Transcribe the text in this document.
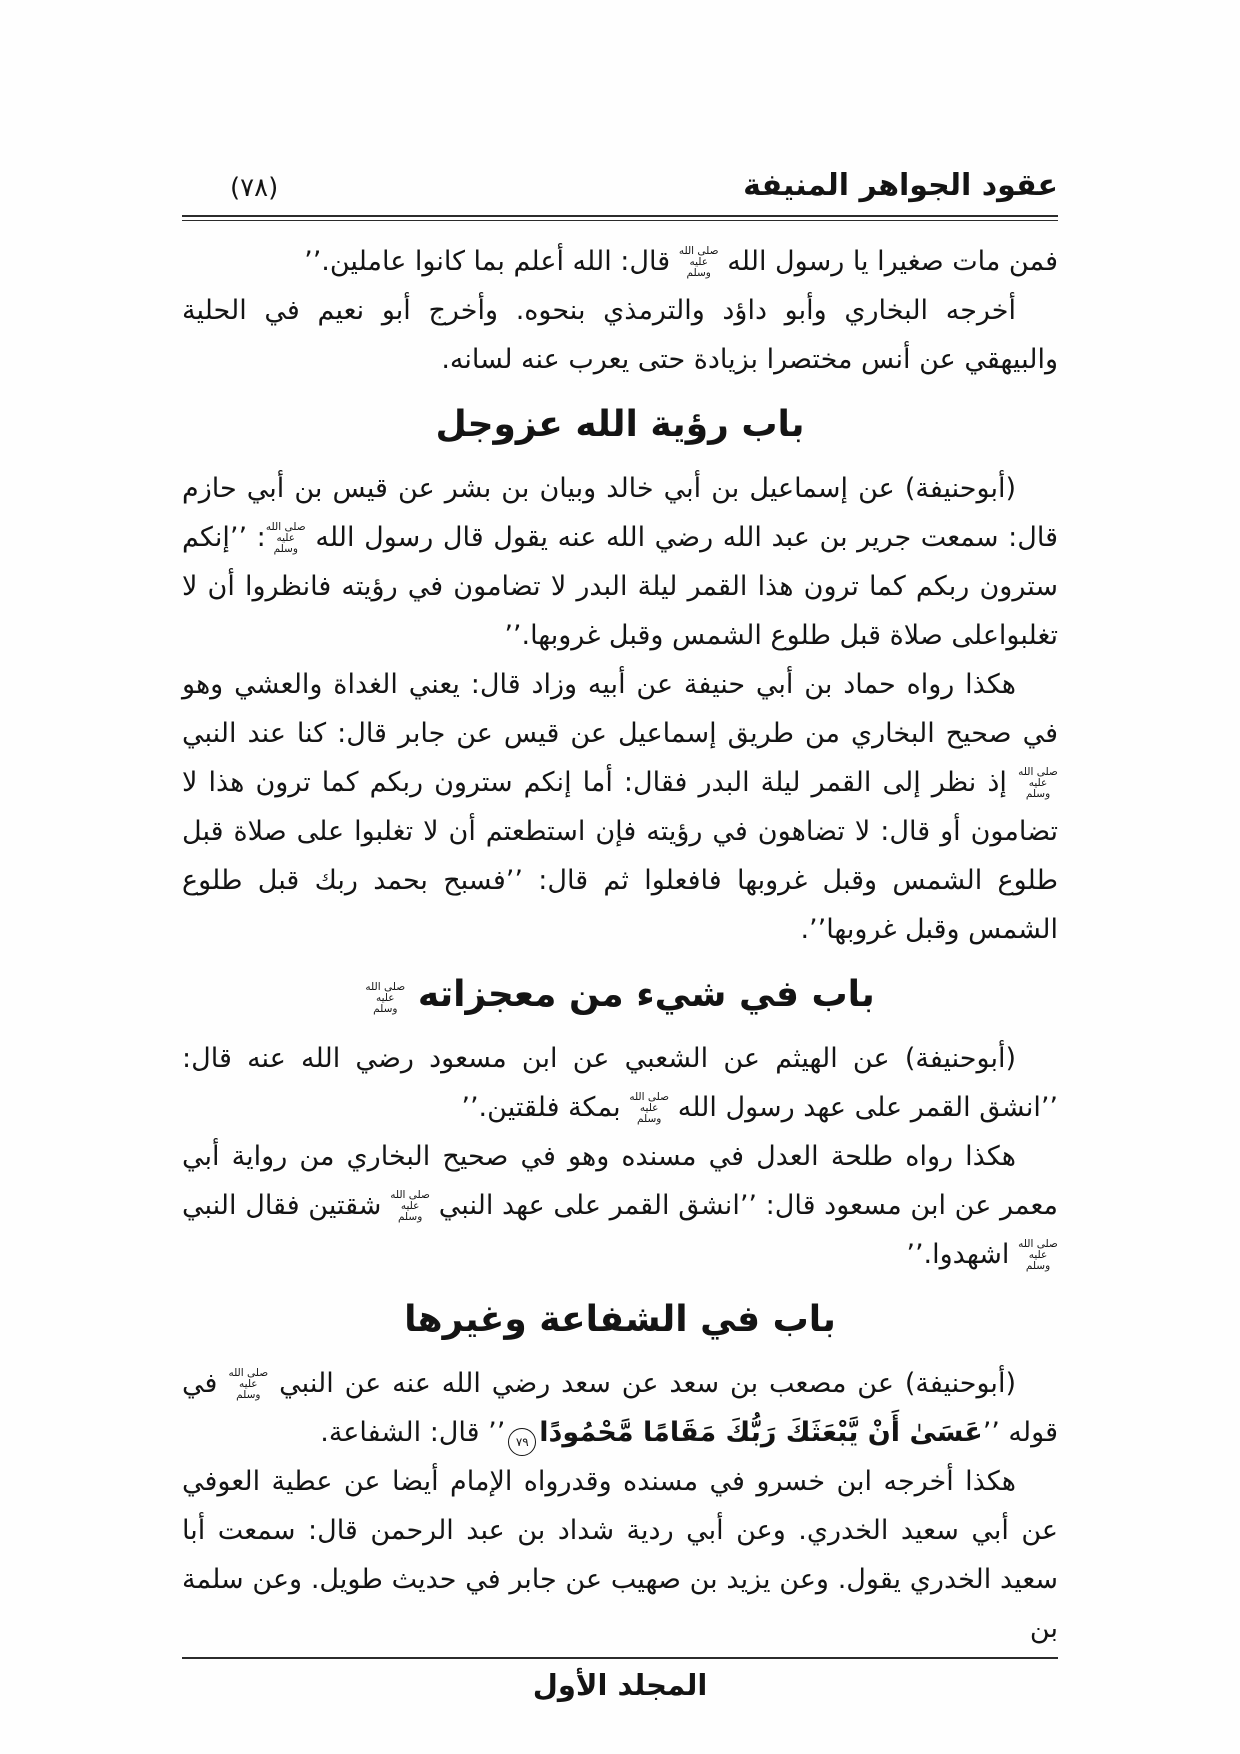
عقود الجواهر المنيفة
(٧٨)

فمن مات صغيرا يا رسول الله صلى الله عليه وسلم قال: الله أعلم بما كانوا عاملين.’’

أخرجه البخاري وأبو داؤد والترمذي بنحوه. وأخرج أبو نعيم في الحلية والبيهقي عن أنس مختصرا بزيادة حتى يعرب عنه لسانه.

باب رؤية الله عزوجل

(أبوحنيفة) عن إسماعيل بن أبي خالد وبيان بن بشر عن قيس بن أبي حازم قال: سمعت جرير بن عبد الله رضي الله عنه يقول قال رسول الله صلى الله عليه وسلم: ’’إنكم سترون ربكم كما ترون هذا القمر ليلة البدر لا تضامون في رؤيته فانظروا أن لا تغلبواعلى صلاة قبل طلوع الشمس وقبل غروبها.’’

هكذا رواه حماد بن أبي حنيفة عن أبيه وزاد قال: يعني الغداة والعشي وهو في صحيح البخاري من طريق إسماعيل عن قيس عن جابر قال: كنا عند النبي صلى الله عليه وسلم إذ نظر إلى القمر ليلة البدر فقال: أما إنكم سترون ربكم كما ترون هذا لا تضامون أو قال: لا تضاهون في رؤيته فإن استطعتم أن لا تغلبوا على صلاة قبل طلوع الشمس وقبل غروبها فافعلوا ثم قال: ’’فسبح بحمد ربك قبل طلوع الشمس وقبل غروبها’’.

باب في شيء من معجزاته صلى الله عليه وسلم

(أبوحنيفة) عن الهيثم عن الشعبي عن ابن مسعود رضي الله عنه قال: ’’انشق القمر على عهد رسول الله صلى الله عليه وسلم بمكة فلقتين.’’

هكذا رواه طلحة العدل في مسنده وهو في صحيح البخاري من رواية أبي معمر عن ابن مسعود قال: ’’انشق القمر على عهد النبي صلى الله عليه وسلم شقتين فقال النبي صلى الله عليه وسلم اشهدوا.’’

باب في الشفاعة وغيرها

(أبوحنيفة) عن مصعب بن سعد عن سعد رضي الله عنه عن النبي صلى الله عليه وسلم في قوله ’’عَسَىٰ أَنْ يَّبْعَثَكَ رَبُّكَ مَقَامًا مَّحْمُودًا٧٩’’ قال: الشفاعة.

هكذا أخرجه ابن خسرو في مسنده وقدرواه الإمام أيضا عن عطية العوفي عن أبي سعيد الخدري. وعن أبي ردية شداد بن عبد الرحمن قال: سمعت أبا سعيد الخدري يقول. وعن يزيد بن صهيب عن جابر في حديث طويل. وعن سلمة بن

المجلد الأول
